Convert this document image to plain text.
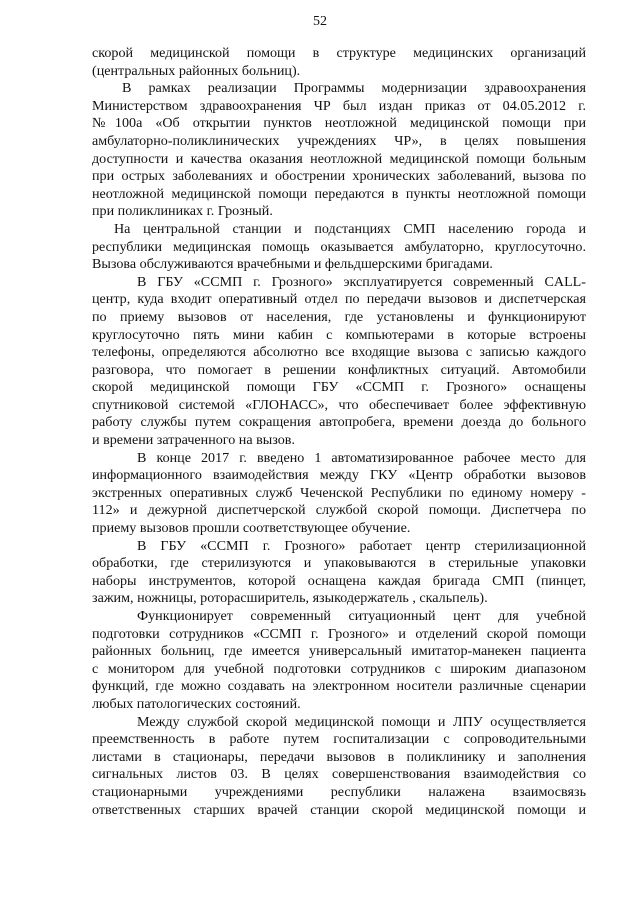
52

скорой медицинской помощи в структуре медицинских организаций
(центральных районных больниц).

В рамках реализации Программы модернизации здравоохранения
Министерством здравоохранения ЧР был издан приказ от 04.05.2012 г.
№100а «Об открытии пунктов неотложной медицинской помощи при
амбулаторно-поликлинических учреждениях ЧР», в целях повышения
доступности и качества оказания неотложной медицинской помощи больным
при острых заболеваниях и обострении хронических заболеваний, вызова по
неотложной медицинской помощи передаются в пункты неотложной помощи
при поликлиниках г. Грозный.

На центральной станции и подстанциях СМП населению города и
республики медицинская помощь оказывается амбулаторно, круглосуточно.
Вызова обслуживаются врачебными и фельдшерскими бригадами.

В ГБУ «ССМП г. Грозного» эксплуатируется современный CALL-
центр, куда входит оперативный отдел по передачи вызовов и диспетчерская
по приему вызовов от населения, где установлены и функционируют
круглосуточно пять мини кабин с компьютерами в которые встроены
телефоны, определяются абсолютно все входящие вызова с записью каждого
разговора, что помогает в решении конфликтных ситуаций. Автомобили
скорой медицинской помощи ГБУ «ССМП г. Грозного» оснащены
спутниковой системой «ГЛОНАСС», что обеспечивает более эффективную
работу службы путем сокращения автопробега, времени доезда до больного
и времени затраченного на вызов.

В конце 2017 г. введено 1 автоматизированное рабочее место для
информационного взаимодействия между ГКУ «Центр обработки вызовов
экстренных оперативных служб Чеченской Республики по единому номеру -
112» и дежурной диспетчерской службой скорой помощи. Диспетчера по
приему вызовов прошли соответствующее обучение.

В ГБУ «ССМП г. Грозного» работает центр стерилизационной
обработки, где стерилизуются и упаковываются в стерильные упаковки
наборы инструментов, которой оснащена каждая бригада СМП (пинцет,
зажим, ножницы, роторасширитель, языкодержатель , скальпель).

Функционирует современный ситуационный цент для учебной
подготовки сотрудников «ССМП г. Грозного» и отделений скорой помощи
районных больниц, где имеется универсальный имитатор-манекен пациента
с монитором для учебной подготовки сотрудников с широким диапазоном
функций, где можно создавать на электронном носители различные сценарии
любых патологических состояний.

Между службой скорой медицинской помощи и ЛПУ осуществляется
преемственность в работе путем госпитализации с сопроводительными
листами в стационары, передачи вызовов в поликлинику и заполнения
сигнальных листов 03. В целях совершенствования взаимодействия со
стационарными учреждениями республики налажена взаимосвязь
ответственных старших врачей станции скорой медицинской помощи и
